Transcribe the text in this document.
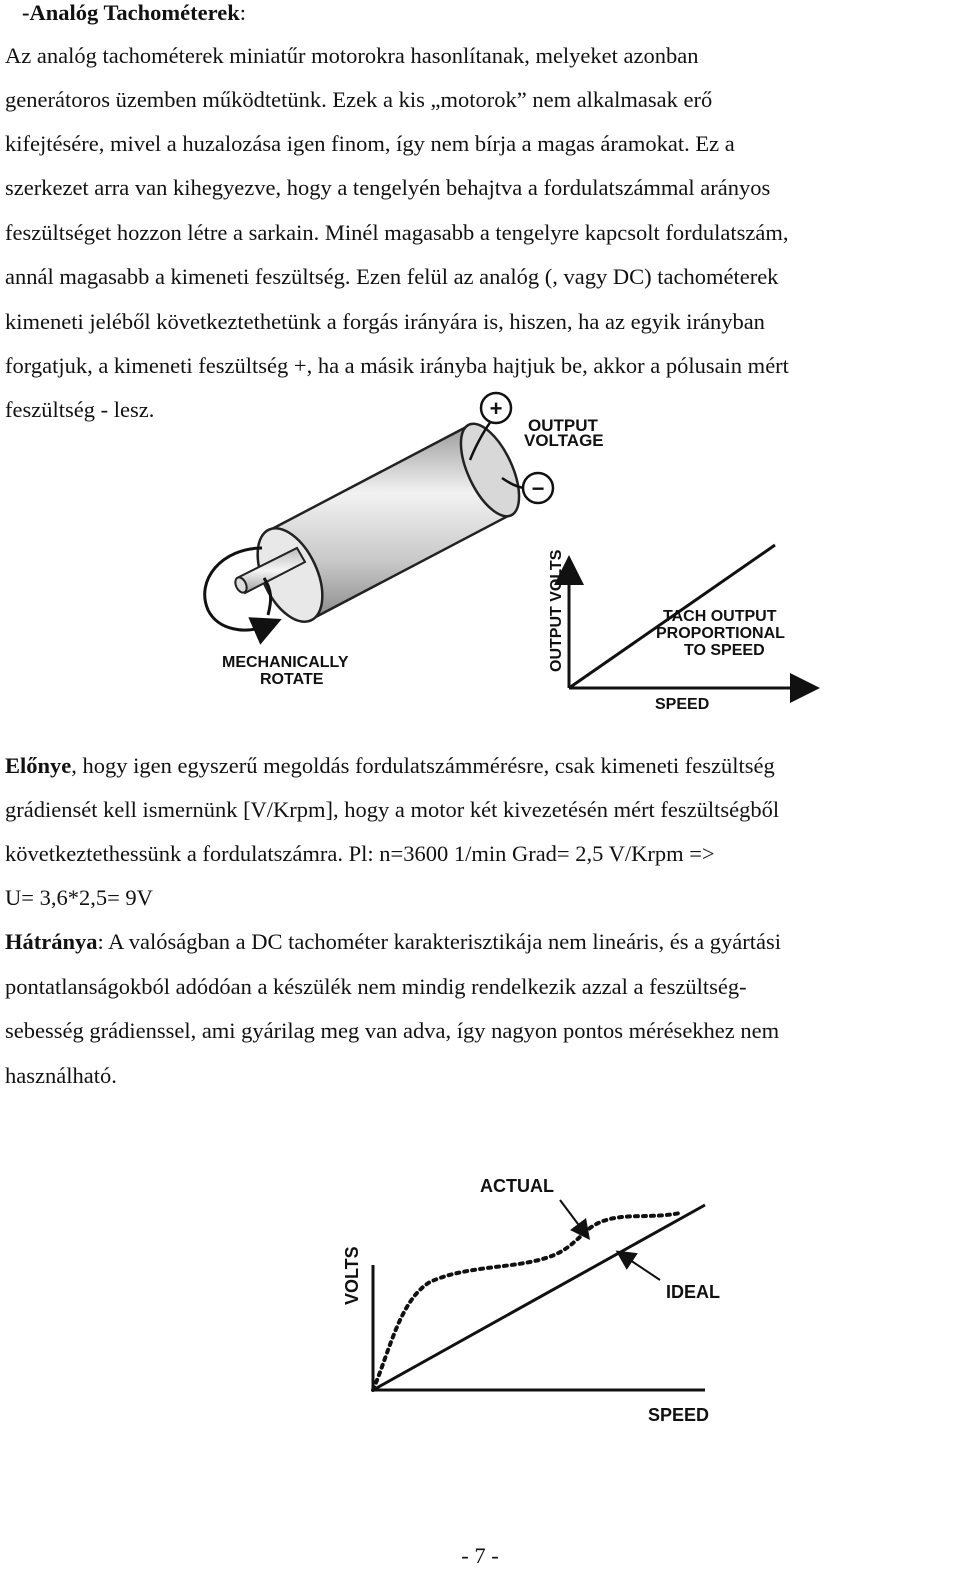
-Analóg Tachométerek:
Az analóg tachométerek miniatűr motorokra hasonlítanak, melyeket azonban
generátoros üzemben működtetünk. Ezek a kis „motorok” nem alkalmasak erő
kifejtésére, mivel a huzalozása igen finom, így nem bírja a magas áramokat. Ez a
szerkezet arra van kihegyezve, hogy a tengelyén behajtva a fordulatszámmal arányos
feszültséget hozzon létre a sarkain. Minél magasabb a tengelyre kapcsolt fordulatszám,
annál magasabb a kimeneti feszültség. Ezen felül az analóg (, vagy DC) tachométerek
kimeneti jeléből következtethetünk a forgás irányára is, hiszen, ha az egyik irányban
forgatjuk, a kimeneti feszültség +, ha a másik irányba hajtjuk be, akkor a pólusain mért
feszültség - lesz.	+
−
OUTPUT
VOLTAGE
MECHANICALLY
ROTATE
OUTPUT VOLTS
SPEED
TACH OUTPUT
PROPORTIONAL
TO SPEED
Előnye, hogy igen egyszerű megoldás fordulatszámmérésre, csak kimeneti feszültség
grádiensét kell ismernünk [V/Krpm], hogy a motor két kivezetésén mért feszültségből
következtethessünk a fordulatszámra. Pl: n=3600 1/min Grad= 2,5 V/Krpm =>
U= 3,6*2,5= 9V
Hátránya: A valóságban a DC tachométer karakterisztikája nem lineáris, és a gyártási
pontatlanságokból adódóan a készülék nem mindig rendelkezik azzal a feszültség-
sebesség grádienssel, ami gyárilag meg van adva, így nagyon pontos mérésekhez nem
használható.
ACTUAL
IDEAL
VOLTS
SPEED
- 7 -
